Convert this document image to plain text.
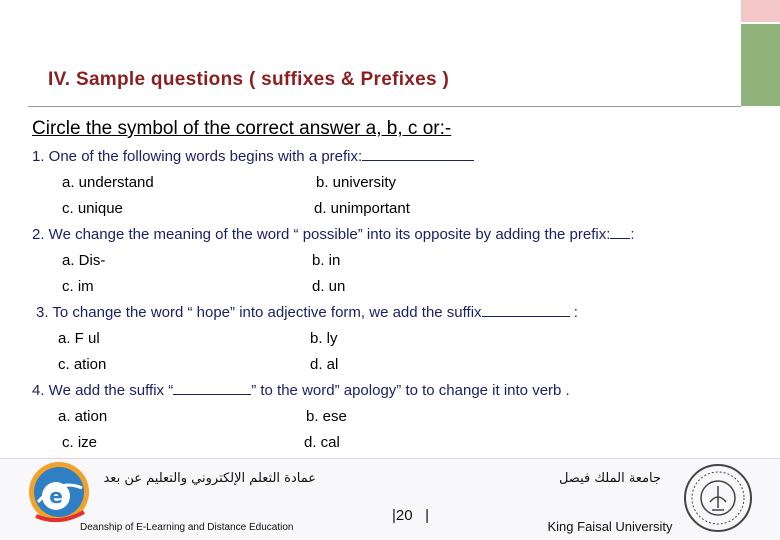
IV. Sample questions ( suffixes & Prefixes )
Circle the symbol of the correct answer a, b, c or:-
1. One of the following words begins with a prefix:
a. understand	b. university
c. unique	d. unimportant
2. We change the meaning of the word “ possible” into its opposite by adding the prefix: :
a. Dis-	b. in
c. im	d. un
3. To change the word “ hope” into adjective form, we add the suffix	:
a. F ul	b. ly
c. ation	d. al
4. We add the suffix “	” to the word” apology” to to change it into verb .
a. ation	b. ese
c. ize	d. cal
e
عمادة التعلم الإلكتروني والتعليم عن بعد
Deanship of E-Learning and Distance Education
|20   |
جامعة الملك فيصل
King Faisal University
